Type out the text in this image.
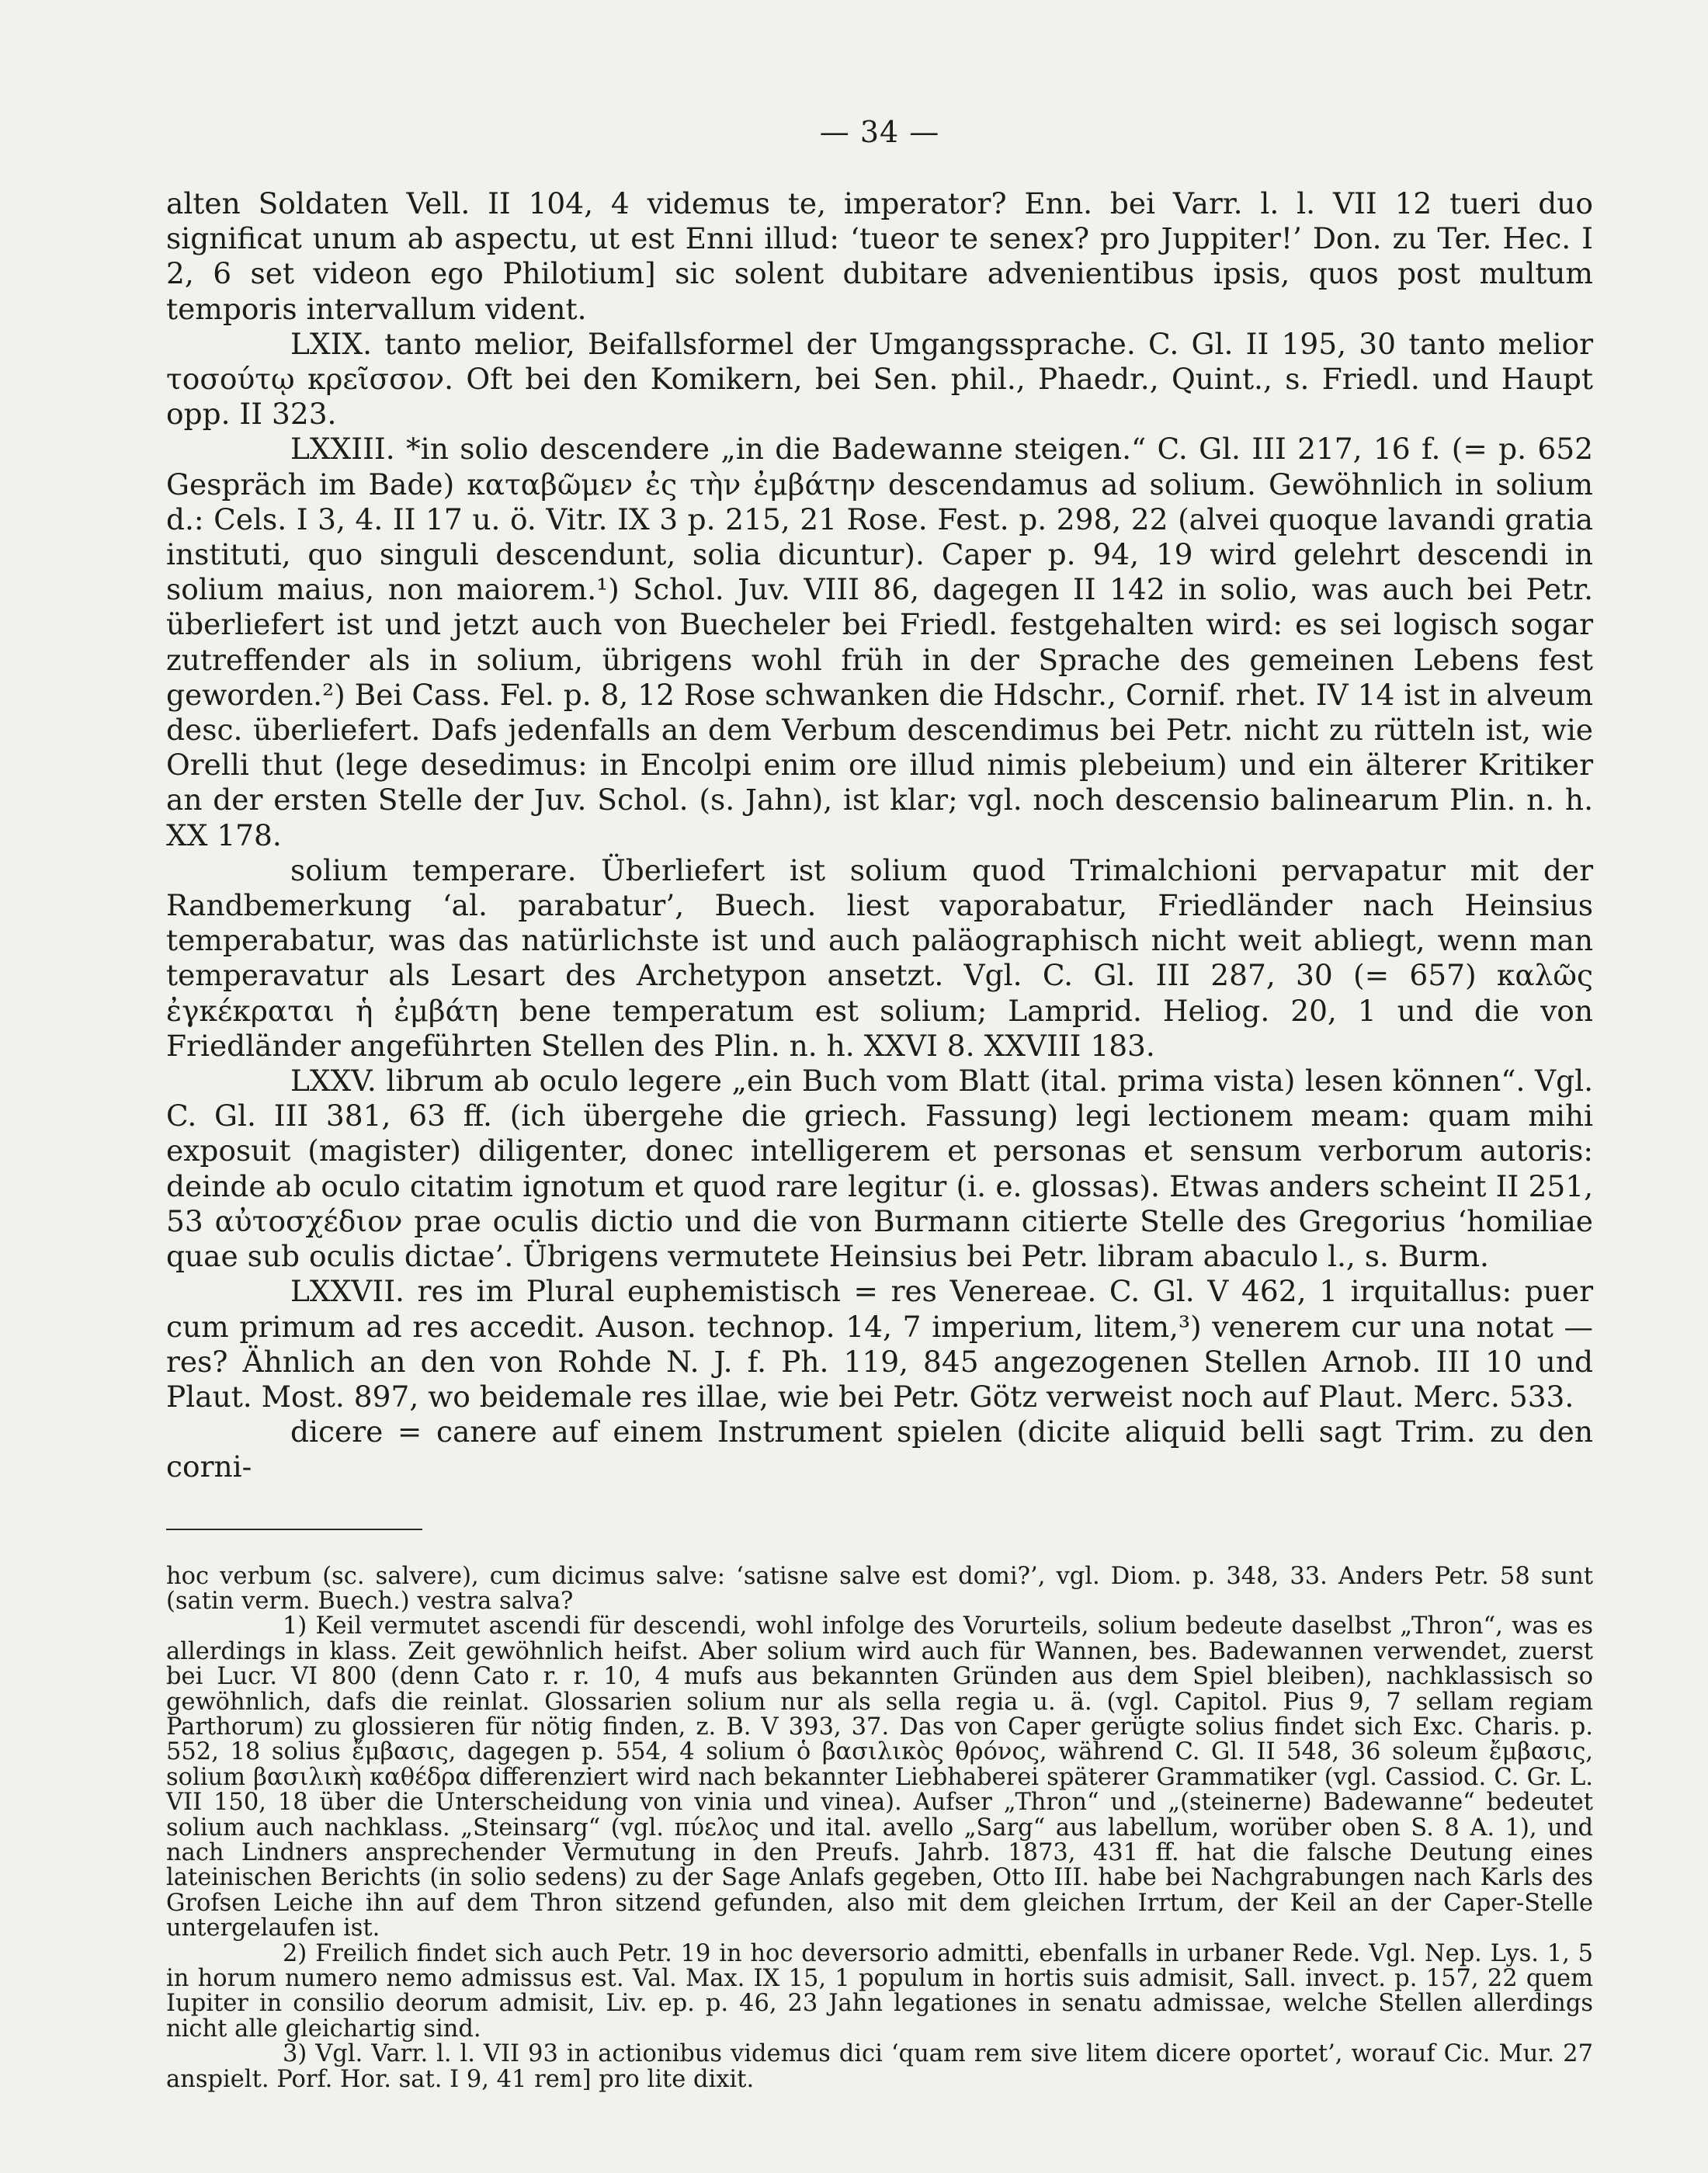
— 34 —

alten Soldaten Vell. II 104, 4 videmus te, imperator? Enn. bei Varr. l. l. VII 12 tueri duo significat unum ab aspectu, ut est Enni illud: ‘tueor te senex? pro Juppiter!’ Don. zu Ter. Hec. I 2, 6 set videon ego Philotium] sic solent dubitare advenientibus ipsis, quos post multum temporis intervallum vident.

LXIX. tanto melior, Beifallsformel der Umgangssprache. C. Gl. II 195, 30 tanto melior τοσούτῳ κρεῖσσον. Oft bei den Komikern, bei Sen. phil., Phaedr., Quint., s. Friedl. und Haupt opp. II 323.

LXXIII. *in solio descendere „in die Badewanne steigen.“ C. Gl. III 217, 16 f. (= p. 652 Gespräch im Bade) καταβῶμεν ἐς τὴν ἐμβάτην descendamus ad solium. Gewöhnlich in solium d.: Cels. I 3, 4. II 17 u. ö. Vitr. IX 3 p. 215, 21 Rose. Fest. p. 298, 22 (alvei quoque lavandi gratia instituti, quo singuli descendunt, solia dicuntur). Caper p. 94, 19 wird gelehrt descendi in solium maius, non maiorem.¹) Schol. Juv. VIII 86, dagegen II 142 in solio, was auch bei Petr. überliefert ist und jetzt auch von Buecheler bei Friedl. festgehalten wird: es sei logisch sogar zutreffender als in solium, übrigens wohl früh in der Sprache des gemeinen Lebens fest geworden.²) Bei Cass. Fel. p. 8, 12 Rose schwanken die Hdschr., Cornif. rhet. IV 14 ist in alveum desc. überliefert. Dafs jedenfalls an dem Verbum descendimus bei Petr. nicht zu rütteln ist, wie Orelli thut (lege desedimus: in Encolpi enim ore illud nimis plebeium) und ein älterer Kritiker an der ersten Stelle der Juv. Schol. (s. Jahn), ist klar; vgl. noch descensio balinearum Plin. n. h. XX 178.

solium temperare. Überliefert ist solium quod Trimalchioni pervapatur mit der Randbemerkung ‘al. parabatur’, Buech. liest vaporabatur, Friedländer nach Heinsius temperabatur, was das natürlichste ist und auch paläographisch nicht weit abliegt, wenn man temperavatur als Lesart des Archetypon ansetzt. Vgl. C. Gl. III 287, 30 (= 657) καλῶς ἐγκέκραται ἡ ἐμβάτη bene temperatum est solium; Lamprid. Heliog. 20, 1 und die von Friedländer angeführten Stellen des Plin. n. h. XXVI 8. XXVIII 183.

LXXV. librum ab oculo legere „ein Buch vom Blatt (ital. prima vista) lesen können“. Vgl. C. Gl. III 381, 63 ff. (ich übergehe die griech. Fassung) legi lectionem meam: quam mihi exposuit (magister) diligenter, donec intelligerem et personas et sensum verborum autoris: deinde ab oculo citatim ignotum et quod rare legitur (i. e. glossas). Etwas anders scheint II 251, 53 αὐτοσχέδιον prae oculis dictio und die von Burmann citierte Stelle des Gregorius ‘homiliae quae sub oculis dictae’. Übrigens vermutete Heinsius bei Petr. libram abaculo l., s. Burm.

LXXVII. res im Plural euphemistisch = res Venereae. C. Gl. V 462, 1 irquitallus: puer cum primum ad res accedit. Auson. technop. 14, 7 imperium, litem,³) venerem cur una notat — res? Ähnlich an den von Rohde N. J. f. Ph. 119, 845 angezogenen Stellen Arnob. III 10 und Plaut. Most. 897, wo beidemale res illae, wie bei Petr. Götz verweist noch auf Plaut. Merc. 533.

dicere = canere auf einem Instrument spielen (dicite aliquid belli sagt Trim. zu den corni-

hoc verbum (sc. salvere), cum dicimus salve: ‘satisne salve est domi?’, vgl. Diom. p. 348, 33. Anders Petr. 58 sunt (satin verm. Buech.) vestra salva?

1) Keil vermutet ascendi für descendi, wohl infolge des Vorurteils, solium bedeute daselbst „Thron“, was es allerdings in klass. Zeit gewöhnlich heifst. Aber solium wird auch für Wannen, bes. Badewannen verwendet, zuerst bei Lucr. VI 800 (denn Cato r. r. 10, 4 mufs aus bekannten Gründen aus dem Spiel bleiben), nachklassisch so gewöhnlich, dafs die reinlat. Glossarien solium nur als sella regia u. ä. (vgl. Capitol. Pius 9, 7 sellam regiam Parthorum) zu glossieren für nötig finden, z. B. V 393, 37. Das von Caper gerügte solius findet sich Exc. Charis. p. 552, 18 solius ἔμβασις, dagegen p. 554, 4 solium ὁ βασιλικὸς θρόνος, während C. Gl. II 548, 36 soleum ἔμβασις, solium βασιλικὴ καθέδρα differenziert wird nach bekannter Liebhaberei späterer Grammatiker (vgl. Cassiod. C. Gr. L. VII 150, 18 über die Unterscheidung von vinia und vinea). Aufser „Thron“ und „(steinerne) Badewanne“ bedeutet solium auch nachklass. „Steinsarg“ (vgl. πύελος und ital. avello „Sarg“ aus labellum, worüber oben S. 8 A. 1), und nach Lindners ansprechender Vermutung in den Preufs. Jahrb. 1873, 431 ff. hat die falsche Deutung eines lateinischen Berichts (in solio sedens) zu der Sage Anlafs gegeben, Otto III. habe bei Nachgrabungen nach Karls des Grofsen Leiche ihn auf dem Thron sitzend gefunden, also mit dem gleichen Irrtum, der Keil an der Caper-Stelle untergelaufen ist.

2) Freilich findet sich auch Petr. 19 in hoc deversorio admitti, ebenfalls in urbaner Rede. Vgl. Nep. Lys. 1, 5 in horum numero nemo admissus est. Val. Max. IX 15, 1 populum in hortis suis admisit, Sall. invect. p. 157, 22 quem Iupiter in consilio deorum admisit, Liv. ep. p. 46, 23 Jahn legationes in senatu admissae, welche Stellen allerdings nicht alle gleichartig sind.

3) Vgl. Varr. l. l. VII 93 in actionibus videmus dici ‘quam rem sive litem dicere oportet’, worauf Cic. Mur. 27 anspielt. Porf. Hor. sat. I 9, 41 rem] pro lite dixit.
